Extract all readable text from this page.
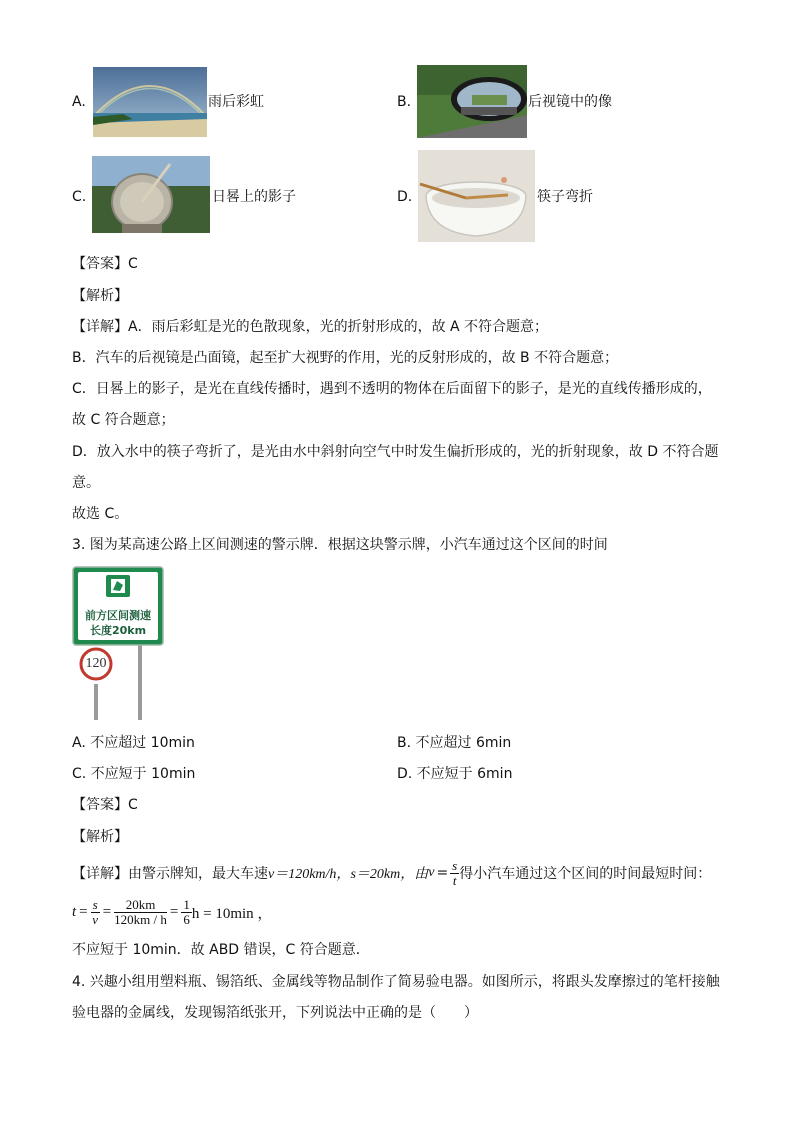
A.	雨后彩虹	B.	后视镜中的像
C.	日晷上的影子	D.	筷子弯折
【答案】C
【解析】
【详解】A．雨后彩虹是光的色散现象，光的折射形成的，故 A 不符合题意；
B．汽车的后视镜是凸面镜，起至扩大视野的作用，光的反射形成的，故 B 不符合题意；
C．日晷上的影子，是光在直线传播时，遇到不透明的物体在后面留下的影子，是光的直线传播形成的，
故 C 符合题意；
D．放入水中的筷子弯折了，是光由水中斜射向空气中时发生偏折形成的，光的折射现象，故 D 不符合题
意。
故选 C。
3. 图为某高速公路上区间测速的警示牌．根据这块警示牌，小汽车通过这个区间的时间
前方区间测速
长度20km
120
A. 不应超过 10min	B. 不应超过 6min
C. 不应短于 10min	D. 不应短于 6min
【答案】C
【解析】
【详解】由警示牌知，最大车速 v＝120km/h， s＝20km，由 $v = \frac{s}{t}$ 得小汽车通过这个区间的时间最短时间：
$t = \frac{s}{v} = \frac{20km}{120km / h} = \frac{1}{6}$ h = 10min ，
不应短于 10min．故 ABD 错误，C 符合题意．
4. 兴趣小组用塑料瓶、锡箔纸、金属线等物品制作了简易验电器。如图所示，将跟头发摩擦过的笔杆接触
验电器的金属线，发现锡箔纸张开，下列说法中正确的是（　　）
